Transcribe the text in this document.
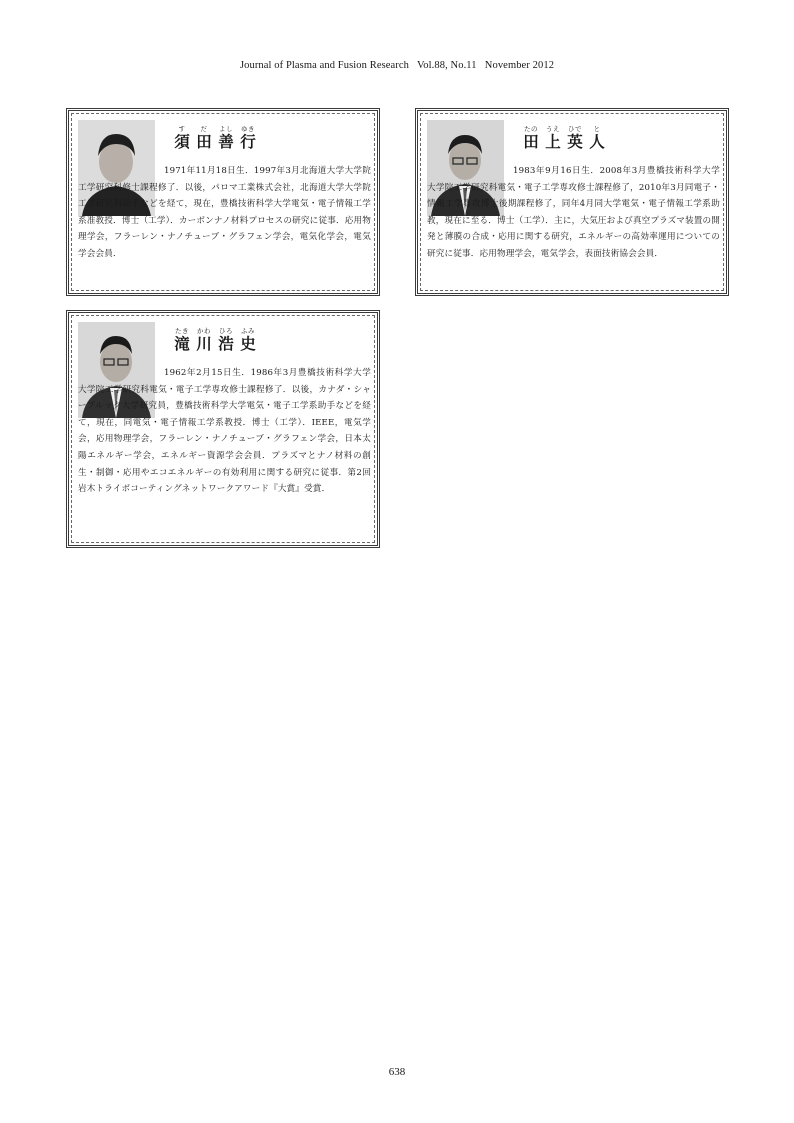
Journal of Plasma and Fusion Research   Vol.88, No.11   November 2012
す	だ	よし	ゆき
須 田 善 行
1971年11月18日生．1997年3月北海道大学大学院工学研究科修士課程修了．以後，パロマ工業株式会社，北海道大学大学院工学研究科助手などを経て，現在，豊橋技術科学大学電気・電子情報工学系准教授．博士（工学）．カーボンナノ材料プロセスの研究に従事．応用物理学会，フラーレン・ナノチューブ・グラフェン学会，電気化学会，電気学会会員．
たの	うえ	ひで	と
田 上 英 人
1983年9月16日生．2008年3月豊橋技術科学大学大学院工学研究科電気・電子工学専攻修士課程修了，2010年3月同電子・情報工学専攻博士後期課程修了，同年4月同大学電気・電子情報工学系助教，現在に至る．博士（工学）．主に，大気圧および真空プラズマ装置の開発と薄膜の合成・応用に関する研究，エネルギーの高効率運用についての研究に従事．応用物理学会，電気学会，表面技術協会会員．
たき	かわ	ひろ	ふみ
滝 川 浩 史
1962年2月15日生．1986年3月豊橋技術科学大学大学院工学研究科電気・電子工学専攻修士課程修了．以後，カナダ・シャーブルック大学研究員，豊橋技術科学大学電気・電子工学系助手などを経て，現在，同電気・電子情報工学系教授．博士（工学）．IEEE，電気学会，応用物理学会，フラーレン・ナノチューブ・グラフェン学会，日本太陽エネルギー学会，エネルギー資源学会会員．プラズマとナノ材料の創生・制御・応用やエコエネルギーの有効利用に関する研究に従事．第2回岩木トライボコーティングネットワークアワード『大賞』受賞．
638
